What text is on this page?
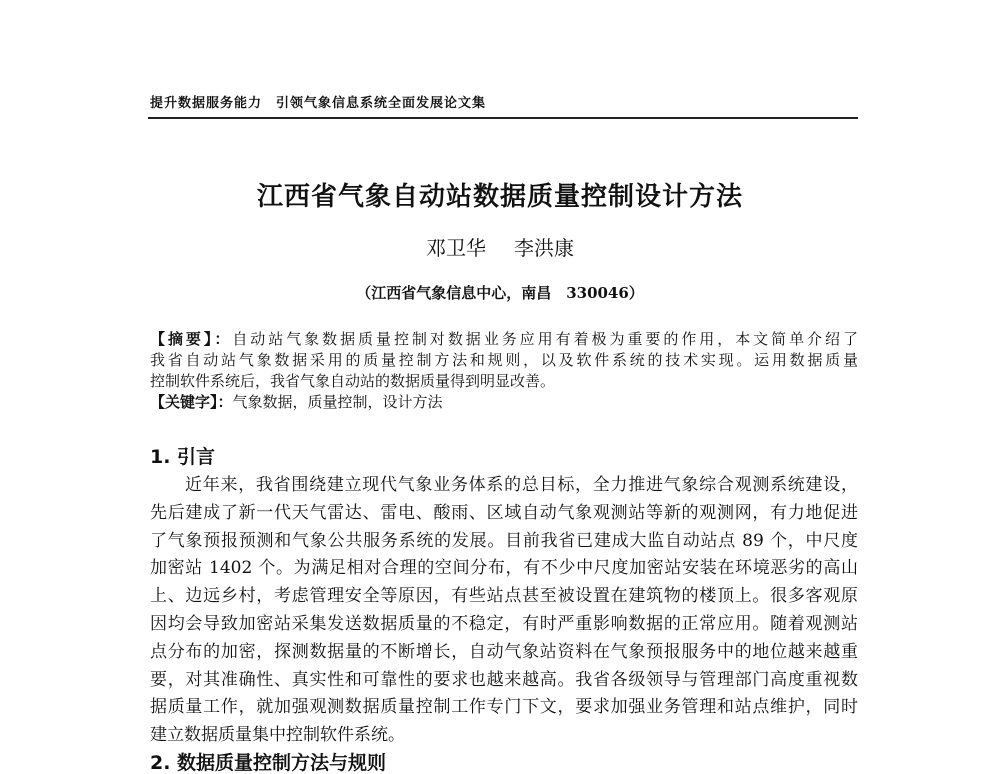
提升数据服务能力　引领气象信息系统全面发展论文集
江西省气象自动站数据质量控制设计方法
邓卫华 李洪康
（江西省气象信息中心，南昌　330046）
【摘要】：自动站气象数据质量控制对数据业务应用有着极为重要的作用，本文简单介绍了
我省自动站气象数据采用的质量控制方法和规则，以及软件系统的技术实现。运用数据质量
控制软件系统后，我省气象自动站的数据质量得到明显改善。
【关键字】：气象数据，质量控制，设计方法
1. 引言
近年来，我省围绕建立现代气象业务体系的总目标，全力推进气象综合观测系统建设，
先后建成了新一代天气雷达、雷电、酸雨、区域自动气象观测站等新的观测网，有力地促进
了气象预报预测和气象公共服务系统的发展。目前我省已建成大监自动站点 89 个，中尺度
加密站 1402 个。为满足相对合理的空间分布，有不少中尺度加密站安装在环境恶劣的高山
上、边远乡村，考虑管理安全等原因，有些站点甚至被设置在建筑物的楼顶上。很多客观原
因均会导致加密站采集发送数据质量的不稳定，有时严重影响数据的正常应用。随着观测站
点分布的加密，探测数据量的不断增长，自动气象站资料在气象预报服务中的地位越来越重
要，对其准确性、真实性和可靠性的要求也越来越高。我省各级领导与管理部门高度重视数
据质量工作，就加强观测数据质量控制工作专门下文，要求加强业务管理和站点维护，同时
建立数据质量集中控制软件系统。
2. 数据质量控制方法与规则
